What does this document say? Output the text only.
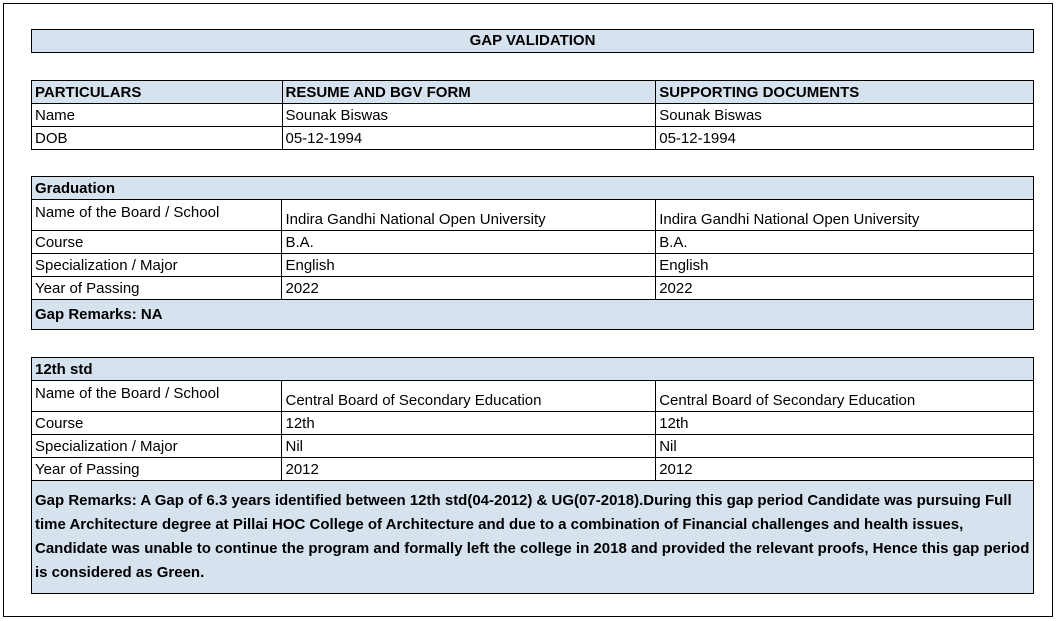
GAP VALIDATION
PARTICULARS	RESUME AND BGV FORM	SUPPORTING DOCUMENTS
Name	Sounak Biswas	Sounak Biswas
DOB	05-12-1994	05-12-1994
Graduation		
Name of the Board / School	Indira Gandhi National Open University	Indira Gandhi National Open University
Course	B.A.	B.A.
Specialization / Major	English	English
Year of Passing	2022	2022
Gap Remarks: NA		
12th std		
Name of the Board / School	Central Board of Secondary Education	Central Board of Secondary Education
Course	12th	12th
Specialization / Major	Nil	Nil
Year of Passing	2012	2012
Gap Remarks: A Gap of 6.3 years identified between 12th std(04-2012) & UG(07-2018).During this gap period Candidate was pursuing Full time Architecture degree at Pillai HOC College of Architecture and due to a combination of Financial challenges and health issues, Candidate was unable to continue the program and formally left the college in 2018 and provided the relevant proofs, Hence this gap period is considered as Green.		
